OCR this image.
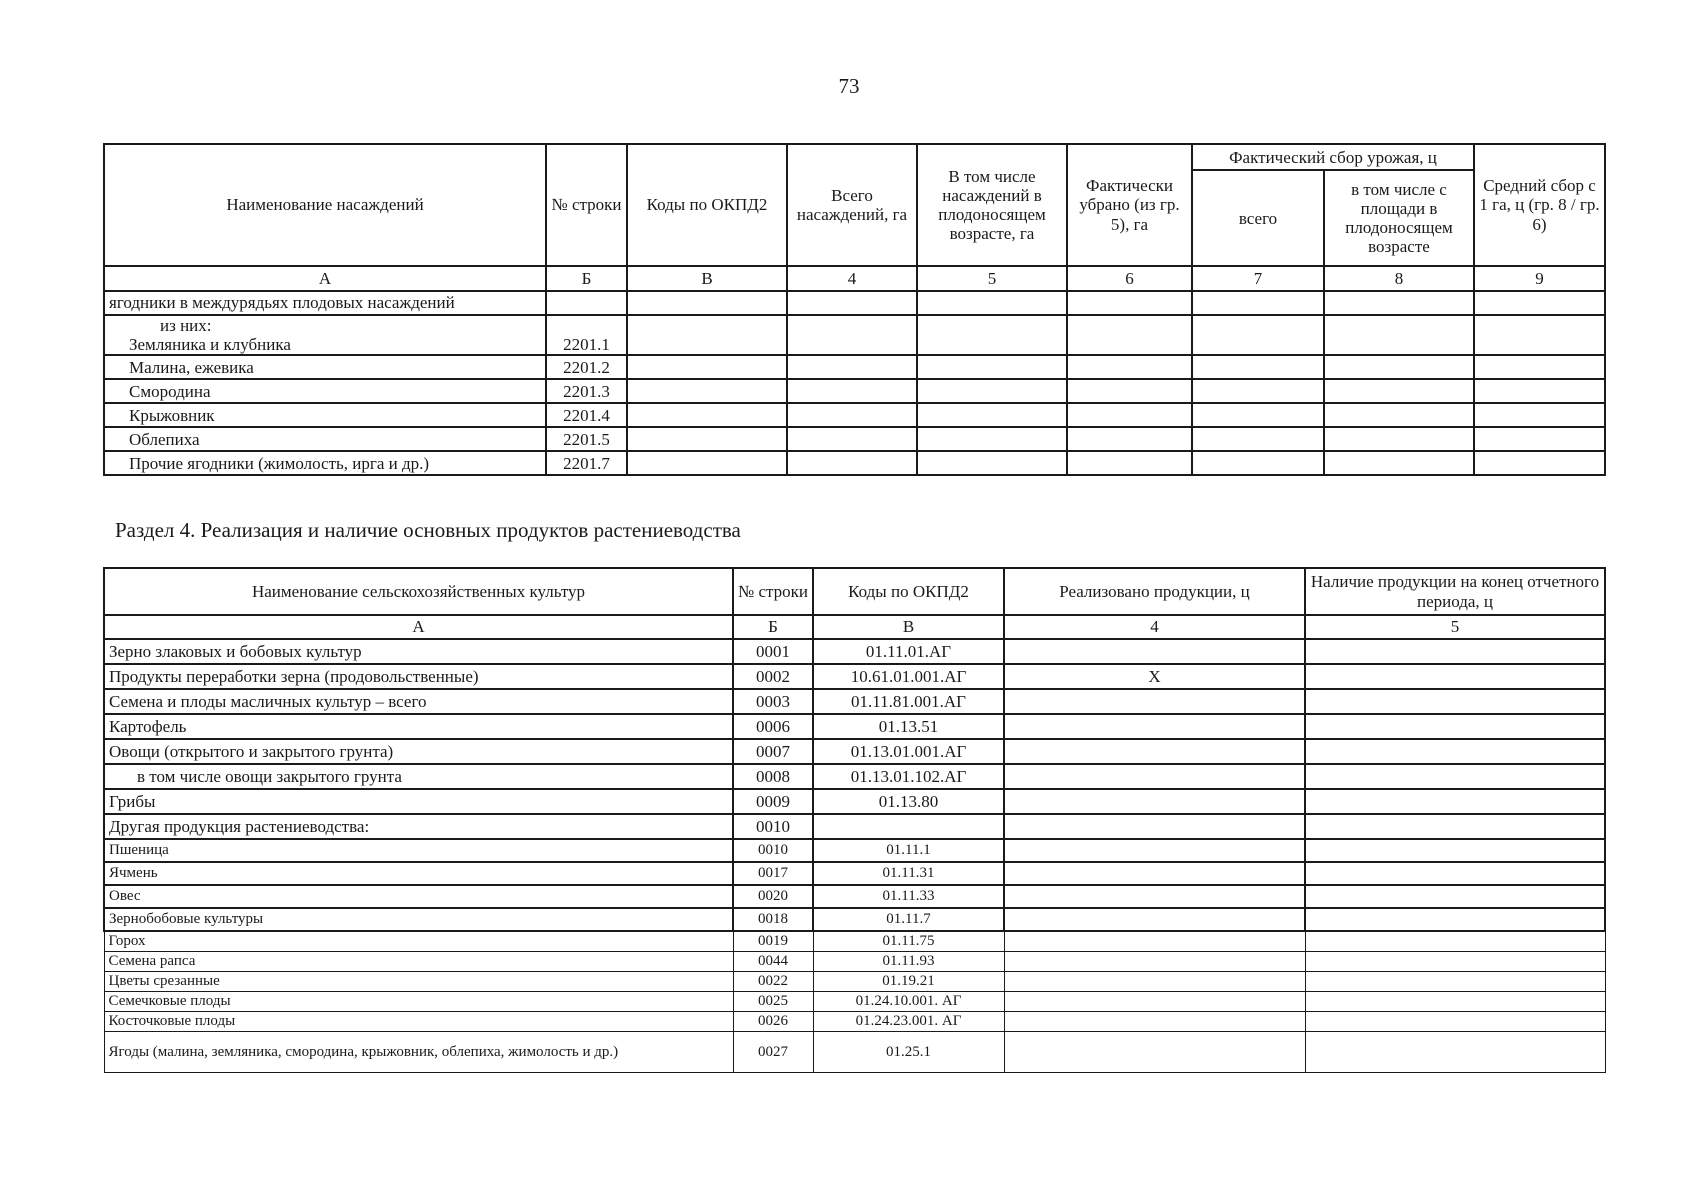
73
Наименование насаждений	№ строки	Коды по ОКПД2	Всего насаждений, га	В том числе насаждений в плодоносящем возрасте, га	Фактически убрано (из гр. 5), га	Фактический сбор урожая, ц		Средний сбор с 1 га, ц (гр. 8 / гр. 6)
						всего	в том числе с площади в плодоносящем возрасте	
А	Б	В	4	5	6	7	8	9
ягодники в междурядьях плодовых насаждений								

из них:
Земляника и клубника	2201.1							
Малина, ежевика	2201.2							
Смородина	2201.3							
Крыжовник	2201.4							
Облепиха	2201.5							
Прочие ягодники (жимолость, ирга и др.)	2201.7							
Раздел 4. Реализация и наличие основных продуктов растениеводства
Наименование сельскохозяйственных культур	№ строки	Коды по ОКПД2	Реализовано продукции, ц	Наличие продукции на конец отчетного периода, ц
А	Б	В	4	5
Зерно злаковых и бобовых культур	0001	01.11.01.АГ		
Продукты переработки зерна (продовольственные)	0002	10.61.01.001.АГ	Х	
Семена и плоды масличных культур – всего	0003	01.11.81.001.АГ		
Картофель	0006	01.13.51		
Овощи (открытого и закрытого грунта)	0007	01.13.01.001.АГ		
в том числе овощи закрытого грунта	0008	01.13.01.102.АГ		
Грибы	0009	01.13.80		
Другая продукция растениеводства:	0010			
Пшеница	0010	01.11.1		
Ячмень	0017	01.11.31		
Овес	0020	01.11.33		
Зернобобовые культуры	0018	01.11.7		
Горох	0019	01.11.75		
Семена рапса	0044	01.11.93		
Цветы срезанные	0022	01.19.21		
Семечковые плоды	0025	01.24.10.001. АГ		
Косточковые плоды	0026	01.24.23.001. АГ		
Ягоды (малина, земляника, смородина, крыжовник, облепиха, жимолость и др.)	0027	01.25.1		
